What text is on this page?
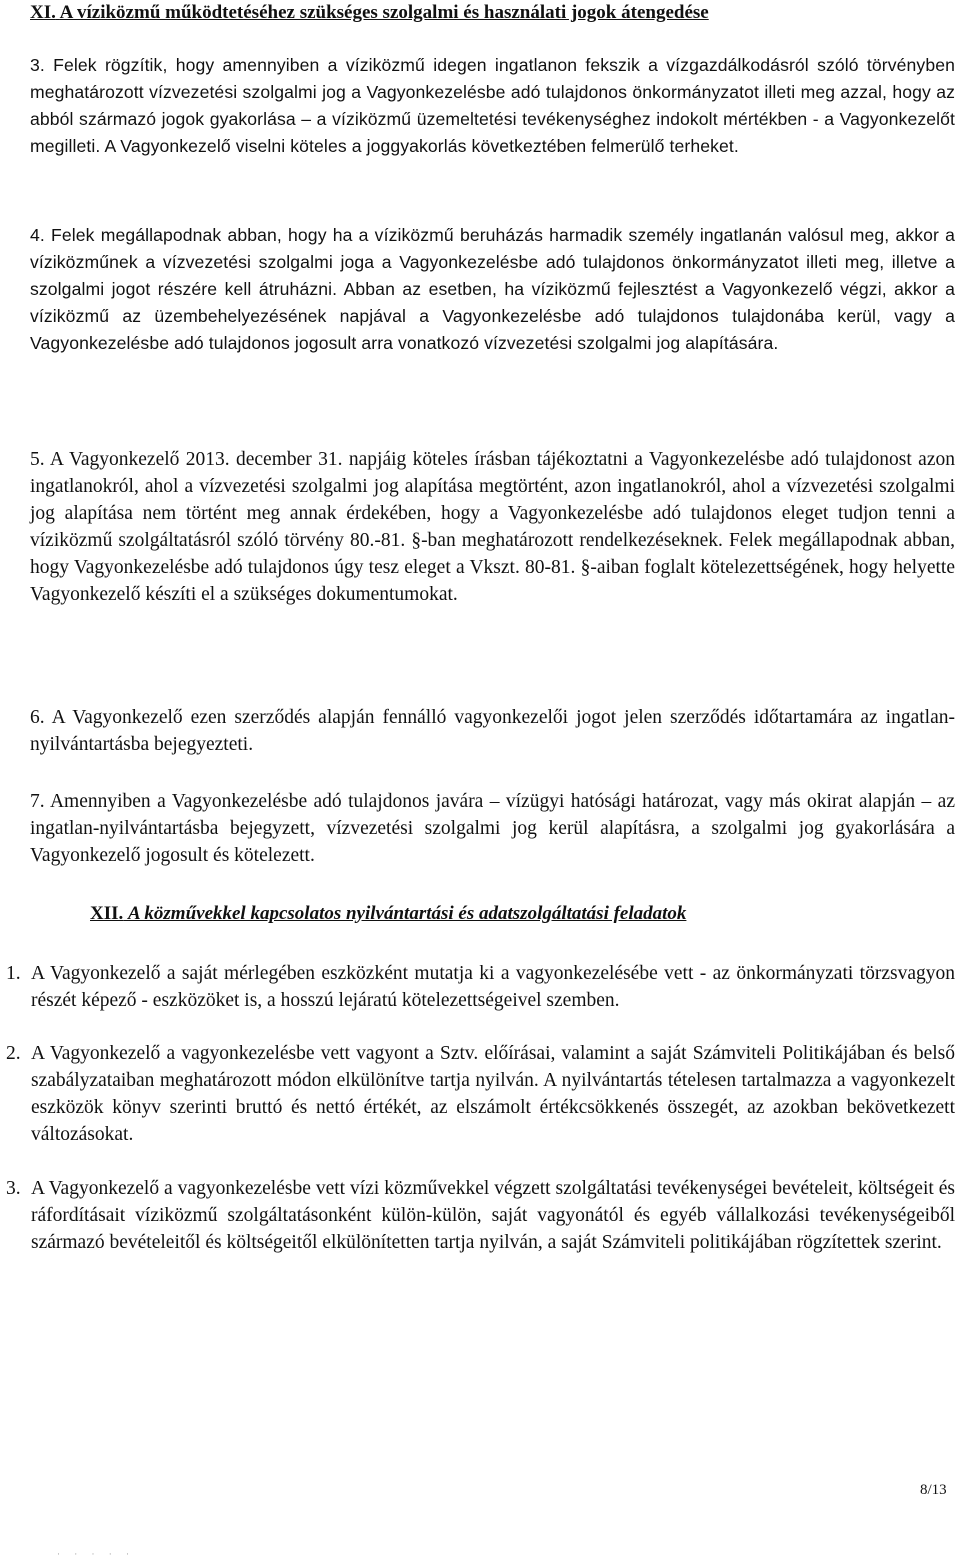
XI. A víziközmű működtetéséhez szükséges szolgalmi és használati jogok átengedése

3. Felek rögzítik, hogy amennyiben a víziközmű idegen ingatlanon fekszik a vízgazdálkodásról szóló törvényben meghatározott vízvezetési szolgalmi jog a Vagyonkezelésbe adó tulajdonos önkormányzatot illeti meg azzal, hogy az abból származó jogok gyakorlása – a víziközmű üzemeltetési tevékenységhez indokolt mértékben - a Vagyonkezelőt megilleti. A Vagyonkezelő viselni köteles a joggyakorlás következtében felmerülő terheket.

4. Felek megállapodnak abban, hogy ha a víziközmű beruházás harmadik személy ingatlanán valósul meg, akkor a víziközműnek a vízvezetési szolgalmi joga a Vagyonkezelésbe adó tulajdonos önkormányzatot illeti meg, illetve a szolgalmi jogot részére kell átruházni. Abban az esetben, ha víziközmű fejlesztést a Vagyonkezelő végzi, akkor a víziközmű az üzembehelyezésének napjával a Vagyonkezelésbe adó tulajdonos tulajdonába kerül, vagy a Vagyonkezelésbe adó tulajdonos jogosult arra vonatkozó vízvezetési szolgalmi jog alapítására.

5. A Vagyonkezelő 2013. december 31. napjáig köteles írásban tájékoztatni a Vagyonkezelésbe adó tulajdonost azon ingatlanokról, ahol a vízvezetési szolgalmi jog alapítása megtörtént, azon ingatlanokról, ahol a vízvezetési szolgalmi jog alapítása nem történt meg annak érdekében, hogy a Vagyonkezelésbe adó tulajdonos eleget tudjon tenni a víziközmű szolgáltatásról szóló törvény 80.-81. §-ban meghatározott rendelkezéseknek. Felek megállapodnak abban, hogy Vagyonkezelésbe adó tulajdonos úgy tesz eleget a Vkszt. 80-81. §-aiban foglalt kötelezettségének, hogy helyette Vagyonkezelő készíti el a szükséges dokumentumokat.

6. A Vagyonkezelő ezen szerződés alapján fennálló vagyonkezelői jogot jelen szerződés időtartamára az ingatlan-nyilvántartásba bejegyezteti.

7. Amennyiben a Vagyonkezelésbe adó tulajdonos javára – vízügyi hatósági határozat, vagy más okirat alapján – az ingatlan-nyilvántartásba bejegyzett, vízvezetési szolgalmi jog kerül alapításra, a szolgalmi jog gyakorlására a Vagyonkezelő jogosult és kötelezett.

XII. A közművekkel kapcsolatos nyilvántartási és adatszolgáltatási feladatok

1. A Vagyonkezelő a saját mérlegében eszközként mutatja ki a vagyonkezelésébe vett - az önkormányzati törzsvagyon részét képező - eszközöket is, a hosszú lejáratú kötelezettségeivel szemben.

2. A Vagyonkezelő a vagyonkezelésbe vett vagyont a Sztv. előírásai, valamint a saját Számviteli Politikájában és belső szabályzataiban meghatározott módon elkülönítve tartja nyilván. A nyilvántartás tételesen tartalmazza a vagyonkezelt eszközök könyv szerinti bruttó és nettó értékét, az elszámolt értékcsökkenés összegét, az azokban bekövetkezett változásokat.

3. A Vagyonkezelő a vagyonkezelésbe vett vízi közművekkel végzett szolgáltatási tevékenységei bevételeit, költségeit és ráfordításait víziközmű szolgáltatásonként külön-külön, saját vagyonától és egyéb vállalkozási tevékenységeiből származó bevételeitől és költségeitől elkülönítetten tartja nyilván, a saját Számviteli politikájában rögzítettek szerint.

8/13
· · · · ·
